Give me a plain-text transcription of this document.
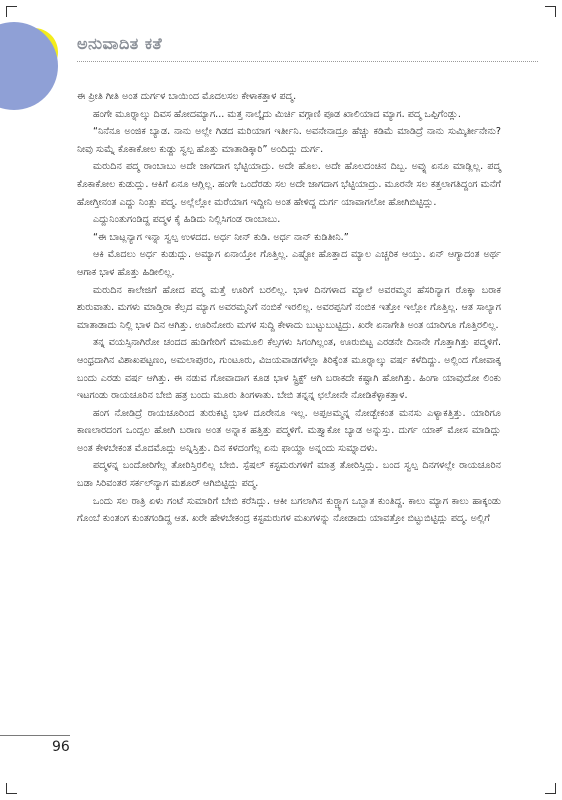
ಅನುವಾದಿತ ಕತೆ

ಈ ಪ್ರೀತಿ ಗೀತಿ ಅಂತ ದುರ್ಗಳ ಬಾಯಿಂದ ಮೊದಲಸಲ ಕೇಳಾಕತ್ತಾಳ ಪದ್ಮ.

ಹಂಗೇ ಮೂರ್‍ನಾಲ್ಕು ದಿವಸ ಹೋದಮ್ಯಾಗ... ಮತ್ತ ನಾಲ್ಕೈದು ಮಿರ್ಚಿ ವಗ್ಗಾಣಿ ಪೂಡ ಖಾಲಿಯಾದ ಮ್ಯಾಗ. ಪದ್ಮ ಒಪ್ಪಿಗೆಂಡ್ಲು.

“ನಿನೆನೂ ಅಂಜಿಕ ಬ್ಯಾಡ. ನಾನು ಅಲ್ಲೇ ಗಿಡದ ಮರಿಯಾಗ ಇರ್ತೀನಿ. ಅವನೇನಾದ್ರೂ ಹೆಚ್ಚು ಕಡಿಮೆ ಮಾಡಿದ್ರೆ ನಾನು ಸುಮ್ಕಿರ್ತೀನೇನು? ನೀವು ಸುಮ್ನೆ ಕೊಕಾಕೋಲ ಕುಡ್ದು ಸ್ವಲ್ಪ ಹೊತ್ತು ಮಾತಾಡಿಕ್ಕಾರಿ” ಅಂದಿದ್ಲು ದುರ್ಗ.

ಮರುದಿನ ಪದ್ಮ ರಾಂಬಾಬು ಅದೇ ಜಾಗದಾಗ ಭೆಟ್ಟಿಯಾದ್ರು. ಅದೇ ಹೊಲ. ಅದೇ ಹೊಲದಂಚಿನ ದಿಬ್ಬ. ಅವ್ನು ಏನೂ ಮಾಡ್ಲಿಲ್ಲ. ಪದ್ಮ ಕೊಕಾಕೋಲ ಕುಡುದ್ಲು. ಆಕಿಗೆ ಏನೂ ಆಗ್ಲಿಲ್ಲ. ಹಂಗೇ ಒಂದೆರಡು ಸಲ ಅದೇ ಜಾಗದಾಗ ಭೆಟ್ಟಿಯಾದ್ರು. ಮೂರನೇ ಸಲ ಕತ್ತಲಾಗತಿದ್ದಂಗ ಮನೆಗೆ ಹೋಗ್ತೀನಂತ ಎದ್ದು ನಿಂತ್ಲು ಪದ್ಮ. ಅಲ್ಲೆಲ್ಲೋ ಮರೆಯಾಗ ಇದ್ದೀನಿ ಅಂತ ಹೇಳಿದ್ದ ದುರ್ಗ ಯಾವಾಗಲೋ ಹೋಗಿಬಿಟ್ಟಿದ್ಲು.

ಎದ್ದುನಿಂತುಗಂಡಿದ್ದ ಪದ್ಮಳ ಕೈ ಹಿಡಿದು ನಿಲ್ಲಿಸಿಗಂಡ ರಾಂಬಾಬು.

“ಈ ಬಾಟ್ಲನ್ಯಾಗ ಇನ್ನಾ ಸ್ವಲ್ಪ ಉಳದದ. ಅರ್ಧ ನೀನ್ ಕುಡಿ. ಅರ್ಧ ನಾನ್ ಕುಡಿತೀನಿ.”

ಆಕಿ ಮೊದಲು ಅರ್ಧ ಕುಡುದ್ಲು. ಅಮ್ಯಾಗ ಏನಾಯ್ತೋ ಗೊತ್ತಿಲ್ಲ. ಎಷ್ಟೋ ಹೊತ್ತಾದ ಮ್ಯಾಲ ಎಚ್ಚರಿಕ ಆಯ್ತು. ಏನ್ ಆಗ್ಯಾದಂತ ಅರ್ಥ ಆಗಾಕ ಭಾಳ ಹೊತ್ತು ಹಿಡೀಲಿಲ್ಲ.

ಮರುದಿನ ಕಾಲೇಜಿಗೆ ಹೋದ ಪದ್ಮ ಮತ್ತೆ ಊರಿಗೆ ಬರಲಿಲ್ಲ. ಭಾಳ ದಿನಗಳಾದ ಮ್ಯಾಲೆ ಅವರಮ್ಮನ ಹೆಸರಿನ್ಯಾಗ ರೊಕ್ಕಾ ಬರಾಕ ಶುರುವಾತು. ಮಗಳು ಮಾಡ್ತಿರಾ ಕೆಲ್ಸದ ಮ್ಯಾಗ ಅವರಮ್ಮನಿಗೆ ನಂಬಿಕೆ ಇರಲಿಲ್ಲ. ಅವರಪ್ಪನಿಗೆ ನಂಬಿಕ ಇತ್ತೋ ಇಲ್ಲೋ ಗೊತ್ತಿಲ್ಲ. ಆತ ಸಾಲ್ಯಾಗ ಮಾತಾಡಾದು ನಿಲ್ಲಿ ಭಾಳ ದಿನ ಆಗಿತ್ತು. ಊರಿನೋರು ಮಗಳ ಸುದ್ದಿ ಕೇಳಾದು ಬುಟ್ಟುಬುಟ್ಟಿದ್ರು. ಖರೇ ಏನಾಗೇತಿ ಅಂತ ಯಾರಿಗೂ ಗೊತ್ತಿರಲಿಲ್ಲ.

ತನ್ನ ವಯಸ್ಸಿನಾಗಿರೋ ಚಂದದ ಹುಡಿಗೇರಿಗೆ ಮಾಮೂಲಿ ಕೆಲ್ಸಗಳು ಸಿಗಂಗಿಲ್ಲಂತ, ಊರುಬಿಟ್ಟ ಎರಡನೇ ದಿನಾನೇ ಗೊತ್ತಾಗಿತ್ತು ಪದ್ಮಳಿಗೆ. ಆಂಧ್ರದಾಗಿನ ವಿಶಾಖಪಟ್ಟಣಂ, ಅಮಲಾಪುರಂ, ಗುಂಟೂರು, ವಿಜಯವಾಡಗಳೆಲ್ಲಾ ತಿರಿಕ್ಕೆಂತ ಮೂರ್‍ನಾಲ್ಕು ವರ್ಷ ಕಳೆದಿದ್ದು. ಅಲ್ಲಿಂದ ಗೋವಾಕ್ಕ ಬಂದು ಎರಡು ವರ್ಷ ಆಗಿತ್ತು. ಈ ನಡುವ ಗೋವಾದಾಗ ಕೂಡ ಭಾಳ ಸ್ಟ್ರಿಕ್ಟ್ ಆಗಿ ಬರಾಕದೇ ಕಷ್ಟಾಗಿ ಹೋಗಿತ್ತು. ಹಿಂಗಾ ಯಾವುದೋ ಲಿಂಕು ಇಟಗಂಡು ರಾಯಚೂರಿನ ಬೇಬಿ ಹತ್ರ ಬಂದು ಮೂರು ತಿಂಗಳಾತು. ಬೇಬಿ ತನ್ನನ್ನ ಛಲೋನೇ ನೋಡಿಕೆಳ್ಳಾಕತ್ತಾಳ.

ಹಂಗ ನೋಡಿದ್ರೆ ರಾಯಚೂರಿಂದ ತುರುಕಟ್ಟಿ ಭಾಳ ದೂರೇನೂ ಇಲ್ಲ. ಅಪ್ಪಅಮ್ಮನ್ನ ನೋಡ್ಬೇಕಂತ ಮನಸು ಎಳ್ಯಾಕತ್ತಿತ್ತು. ಯಾರಿಗೂ ಕಾಣಲಾರದಂಗ ಒಂದ್ಸಲ ಹೋಗಿ ಬರಾಣ ಅಂತ ಅನ್ನಾಕ ಹತ್ತಿತ್ತು ಪದ್ಮಳಿಗೆ. ಮತ್ತ್ಯಾಕೋ ಬ್ಯಾಡ ಅನ್ನುಸ್ತು. ದುರ್ಗ ಯಾಕ್ ಮೋಸ ಮಾಡಿದ್ಲು ಅಂತ ಕೇಳಬೇಕಂತ ಮೊದಮೊದ್ಲು ಅನ್ನಿಸ್ತಿತ್ತು. ದಿನ ಕಳದಂಗೆಲ್ಲ ಏನು ಫಾಯ್ದಾ ಅನ್ನಂದು ಸುಮ್ನಾದಳು.

ಪದ್ಮಳನ್ನ ಬಂದೋರಿಗೆಲ್ಲ ತೋರಿಸ್ತಿರಲಿಲ್ಲ ಬೇಬಿ. ಸ್ಪೆಷಲ್ ಕಸ್ಟಮರುಗಳಿಗೆ ಮಾತ್ರ ತೋರಿಸ್ತಿದ್ಲು. ಬಂದ ಸ್ವಲ್ಪ ದಿನಗಳಲ್ಲೇ ರಾಯಚೂರಿನ ಬಡಾ ಸಿರಿವಂತರ ಸರ್ಕಲ್‍ನ್ಯಾಗ ಮಶೂರ್ ಆಗಿಬಿಟ್ಟಿದ್ಲು ಪದ್ಮ.

ಒಂದು ಸಲ ರಾತ್ರಿ ಏಳು ಗಂಟೆ ಸುಮಾರಿಗೆ ಬೇಬಿ ಕರೆಸಿದ್ಲು. ಆಕೀ ಬಗಲಾಗಿನ ಕುರ್‍ಚ್ಯಾಗ ಒಬ್ಬಾತ ಕುಂತಿದ್ದ. ಕಾಲು ಮ್ಯಾಗ ಕಾಲು ಹಾಕ್ಕಂಡು ಗೊಂಬೆ ಕುಂತಂಗ ಕುಂತಗಂಡಿದ್ದ ಆತ. ಖರೇ ಹೇಳಬೇಕಂದ್ರ ಕಸ್ಟಮರುಗಳ ಮಖಗಳನ್ನು ನೋಡಾದು ಯಾವತ್ತೋ ಬಿಟ್ಟುಬಿಟ್ಟಿದ್ಲು ಪದ್ಮ. ಅಲ್ಲಿಗೆ

96
